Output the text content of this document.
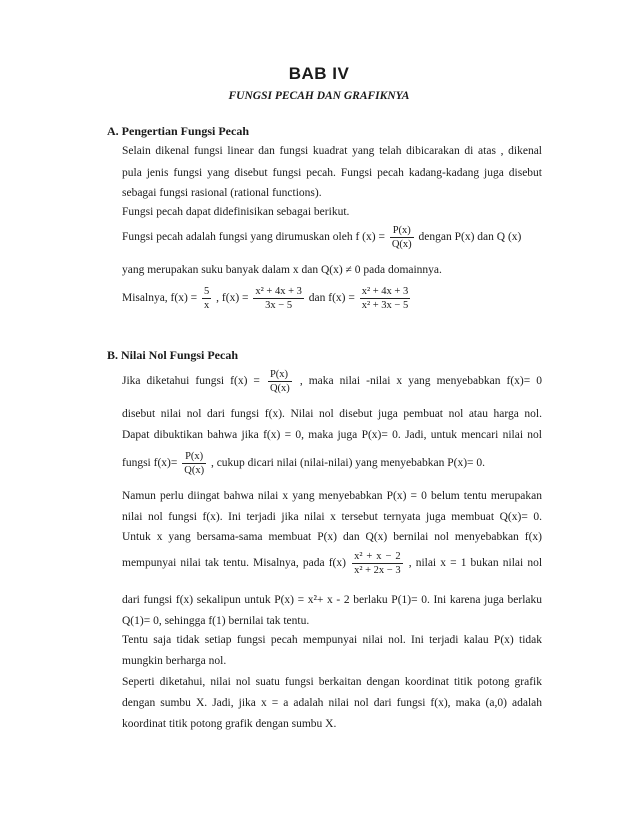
BAB IV
FUNGSI PECAH DAN GRAFIKNYA
A. Pengertian Fungsi Pecah
Selain dikenal fungsi linear dan fungsi kuadrat yang telah dibicarakan di atas , dikenal
pula jenis fungsi yang disebut fungsi pecah. Fungsi pecah kadang-kadang juga disebut
sebagai fungsi rasional (rational functions).
Fungsi pecah dapat didefinisikan sebagai berikut.
Fungsi pecah adalah fungsi yang dirumuskan oleh f $(x) = \frac{P(x)}{Q(x)}$ dengan P(x) dan Q (x)
yang merupakan suku banyak dalam x dan Q(x) ≠ 0 pada domainnya.
Misalnya, $f(x) = \frac{5}{x}$ , $f(x) = \frac{\text{x² + 4x + 3}}{3x - 5}$ dan $f(x) = \frac{\text{x² + 4x + 3}}{\text{x² + 3x − 5}}$
B. Nilai Nol Fungsi Pecah
Jika diketahui fungsi $f(x) = \frac{P(x)}{Q(x)}$ , maka nilai -nilai x yang menyebabkan f(x)= 0
disebut nilai nol dari fungsi f(x). Nilai nol disebut juga pembuat nol atau harga nol.
Dapat dibuktikan bahwa jika f(x) = 0, maka juga P(x)= 0. Jadi, untuk mencari nilai nol
fungsi $f(x)= \frac{P(x)}{Q(x)}$ , cukup dicari nilai (nilai-nilai) yang menyebabkan P(x)= 0.
Namun perlu diingat bahwa nilai x yang menyebabkan P(x) = 0 belum tentu merupakan
nilai nol fungsi f(x). Ini terjadi jika nilai x tersebut ternyata juga membuat Q(x)= 0.
Untuk x yang bersama-sama membuat P(x) dan Q(x) bernilai nol menyebabkan f(x)
mempunyai nilai tak tentu. Misalnya, pada $f(x) \frac{\text{x² + x − 2}}{\text{x² + 2x − 3}}$ , nilai x = 1 bukan nilai nol
dari fungsi f(x) sekalipun untuk P(x) = x²+ x - 2 berlaku P(1)= 0. Ini karena juga berlaku
Q(1)= 0, sehingga f(1) bernilai tak tentu.
Tentu saja tidak setiap fungsi pecah mempunyai nilai nol. Ini terjadi kalau P(x) tidak
mungkin berharga nol.
Seperti diketahui, nilai nol suatu fungsi berkaitan dengan koordinat titik potong grafik
dengan sumbu X. Jadi, jika x = a adalah nilai nol dari fungsi f(x), maka (a,0) adalah
koordinat titik potong grafik dengan sumbu X.
